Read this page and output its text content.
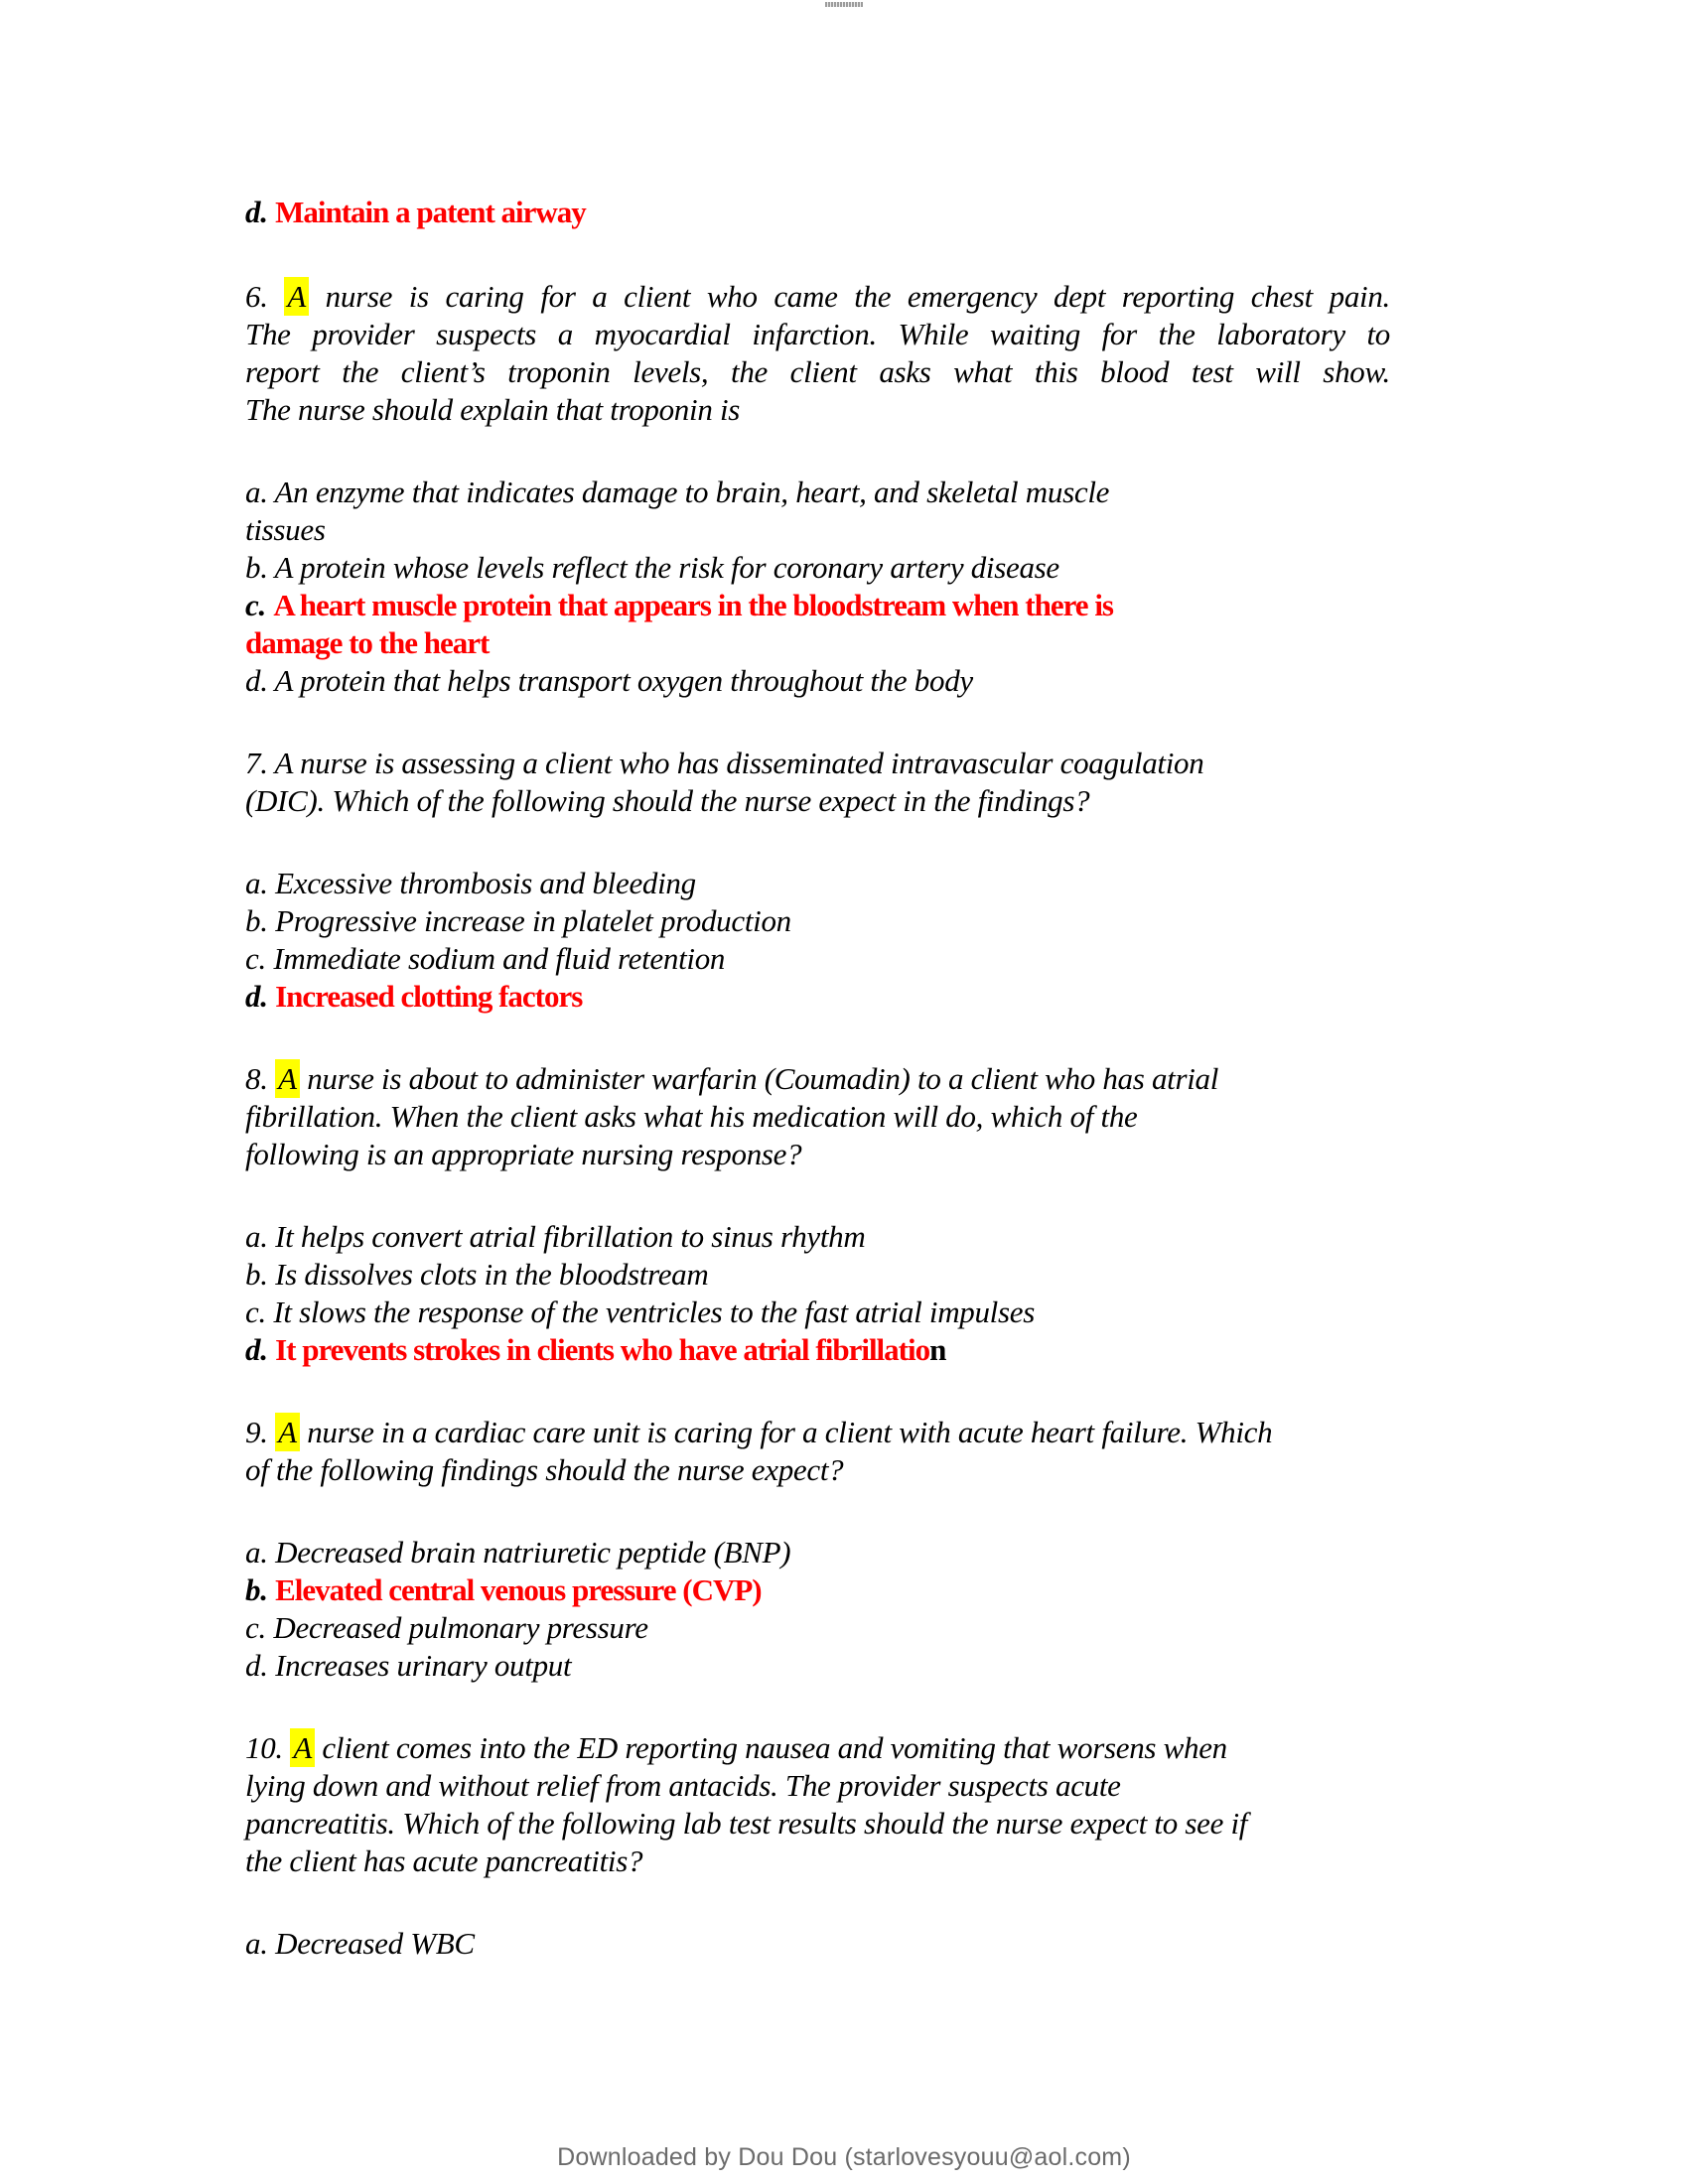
d. Maintain a patent airway
6. A nurse is caring for a client who came the emergency dept reporting chest pain.
The provider suspects a myocardial infarction. While waiting for the laboratory to
report the client’s troponin levels, the client asks what this blood test will show.
The nurse should explain that troponin is
a. An enzyme that indicates damage to brain, heart, and skeletal muscle
tissues
b. A protein whose levels reflect the risk for coronary artery disease
c. A heart muscle protein that appears in the bloodstream when there is
damage to the heart
d. A protein that helps transport oxygen throughout the body
7. A nurse is assessing a client who has disseminated intravascular coagulation
(DIC). Which of the following should the nurse expect in the findings?
a. Excessive thrombosis and bleeding
b. Progressive increase in platelet production
c. Immediate sodium and fluid retention
d. Increased clotting factors
8. A nurse is about to administer warfarin (Coumadin) to a client who has atrial
fibrillation. When the client asks what his medication will do, which of the
following is an appropriate nursing response?
a. It helps convert atrial fibrillation to sinus rhythm
b. Is dissolves clots in the bloodstream
c. It slows the response of the ventricles to the fast atrial impulses
d. It prevents strokes in clients who have atrial fibrillation
9. A nurse in a cardiac care unit is caring for a client with acute heart failure. Which
of the following findings should the nurse expect?
a. Decreased brain natriuretic peptide (BNP)
b. Elevated central venous pressure (CVP)
c. Decreased pulmonary pressure
d. Increases urinary output
10. A client comes into the ED reporting nausea and vomiting that worsens when
lying down and without relief from antacids. The provider suspects acute
pancreatitis. Which of the following lab test results should the nurse expect to see if
the client has acute pancreatitis?
a. Decreased WBC
Downloaded by Dou Dou (starlovesyouu@aol.com)
